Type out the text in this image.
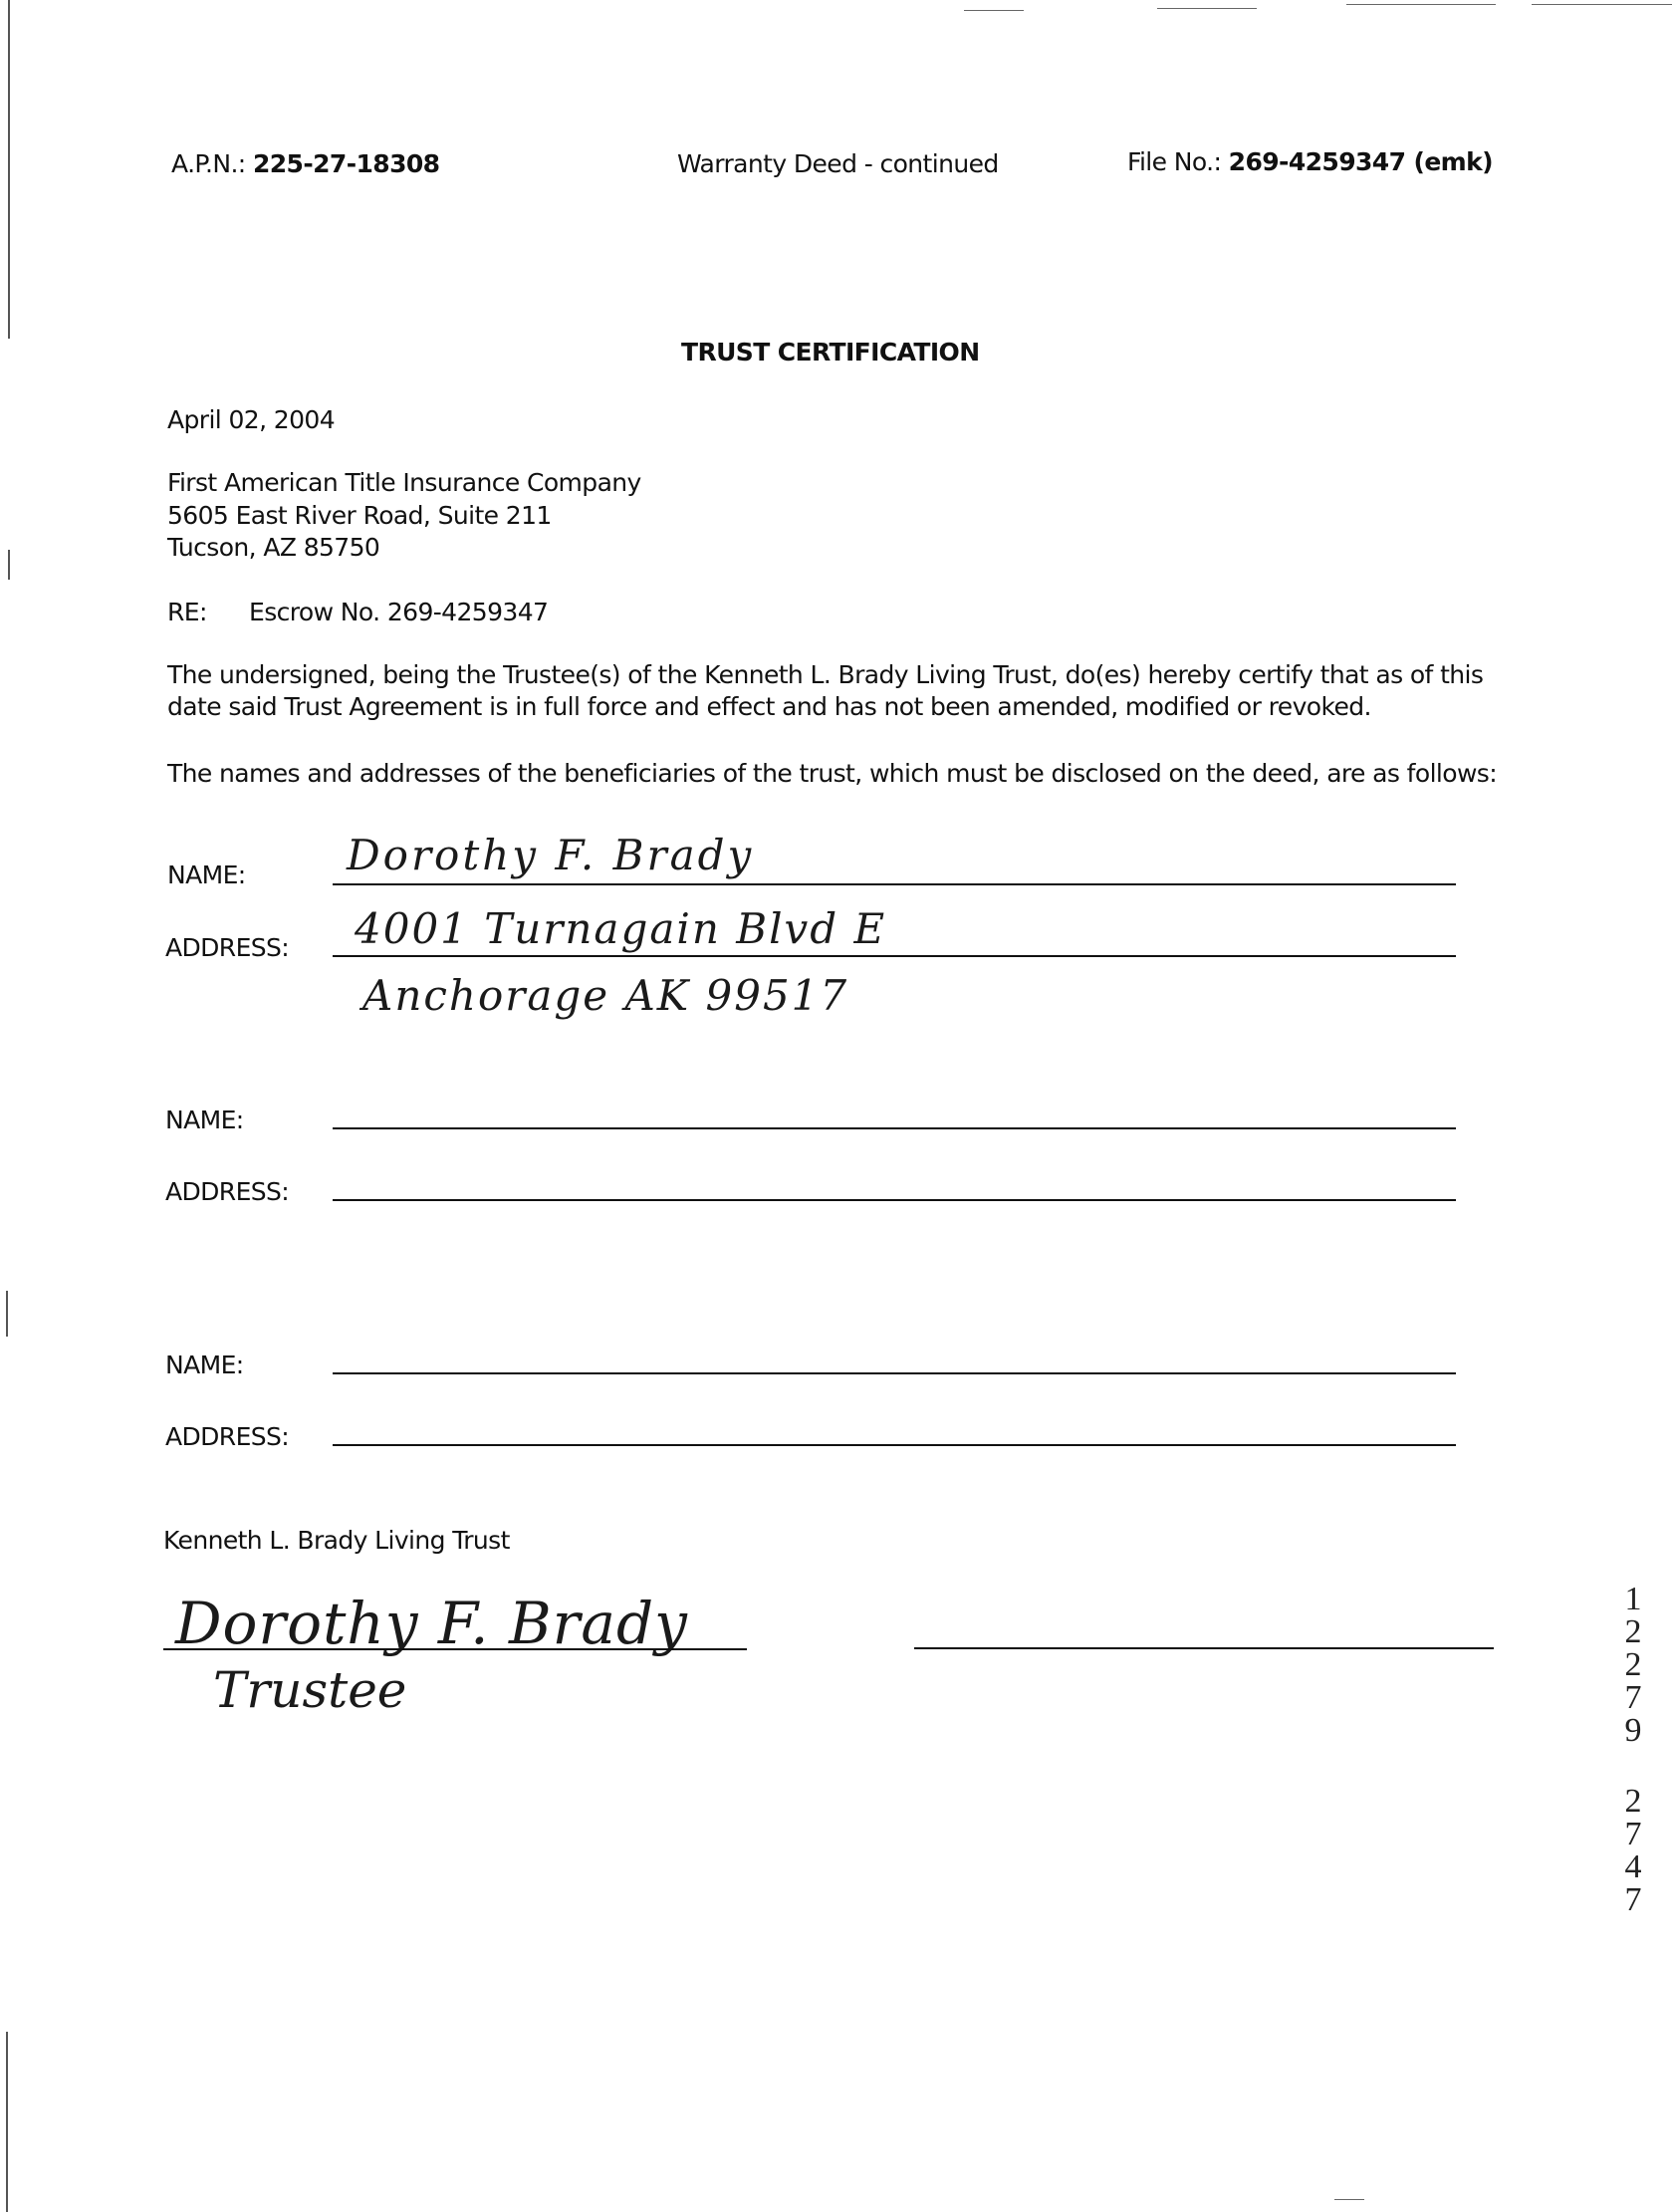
A.P.N.: 225-27-18308	Warranty Deed - continued	File No.: 269-4259347 (emk)
TRUST CERTIFICATION
April 02, 2004
First American Title Insurance Company
5605 East River Road, Suite 211
Tucson, AZ 85750
RE: Escrow No. 269-4259347
The undersigned, being the Trustee(s) of the Kenneth L. Brady Living Trust, do(es) hereby certify that as of this
date said Trust Agreement is in full force and effect and has not been amended, modified or revoked.
The names and addresses of the beneficiaries of the trust, which must be disclosed on the deed, are as follows:
NAME: Dorothy F. Brady
ADDRESS: 4001 Turnagain Blvd E
Anchorage AK 99517
NAME:
ADDRESS:
NAME:
ADDRESS:
Kenneth L. Brady Living Trust
Dorothy F. Brady
Trustee
1
2
2
7
9
2
7
4
7
